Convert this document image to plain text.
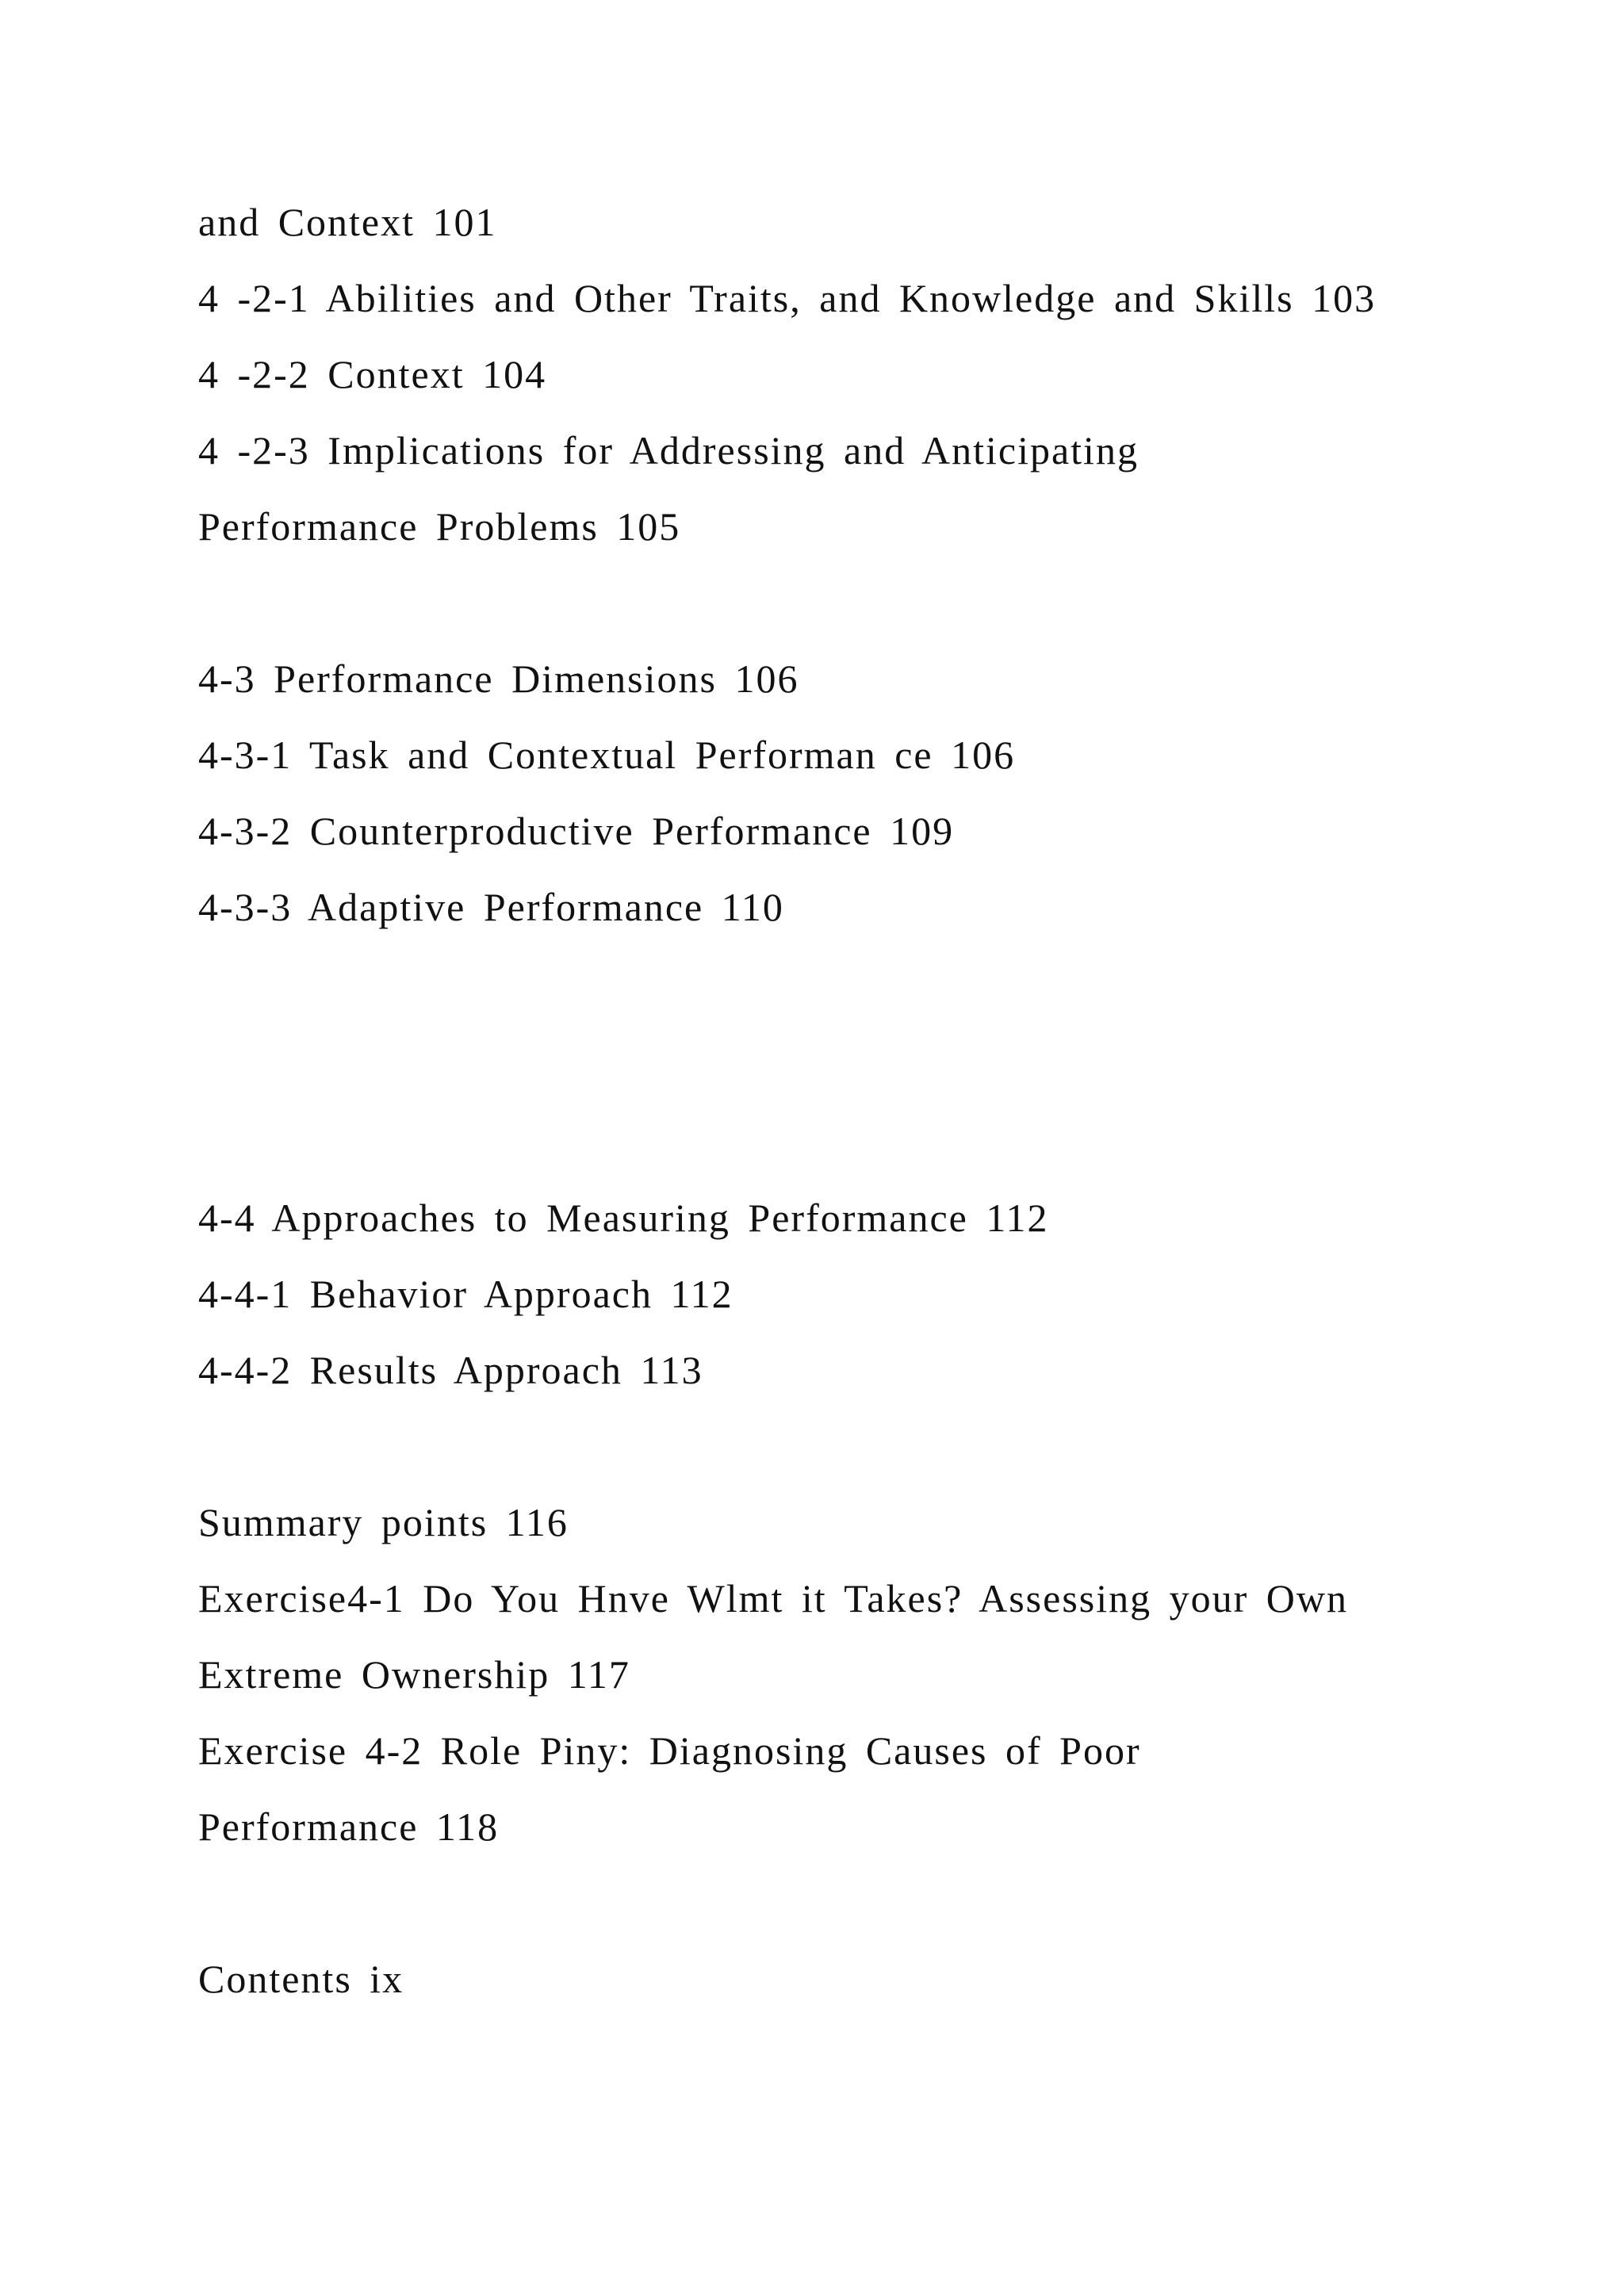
and Context 101

4 -2-1 Abilities and Other Traits, and Knowledge and Skills 103

4 -2-2 Context 104

4 -2-3 Implications for Addressing and Anticipating

Performance Problems 105

4-3 Performance Dimensions 106

4-3-1 Task and Contextual Performan ce 106

4-3-2 Counterproductive Performance 109

4-3-3 Adaptive Performance 110

4-4 Approaches to Measuring Performance 112

4-4-1 Behavior Approach 112

4-4-2 Results Approach 113

Summary points 116

Exercise4-1 Do You Hnve Wlmt it Takes? Assessing your Own

Extreme Ownership 117

Exercise 4-2 Role Piny: Diagnosing Causes of Poor

Performance 118

Contents ix
